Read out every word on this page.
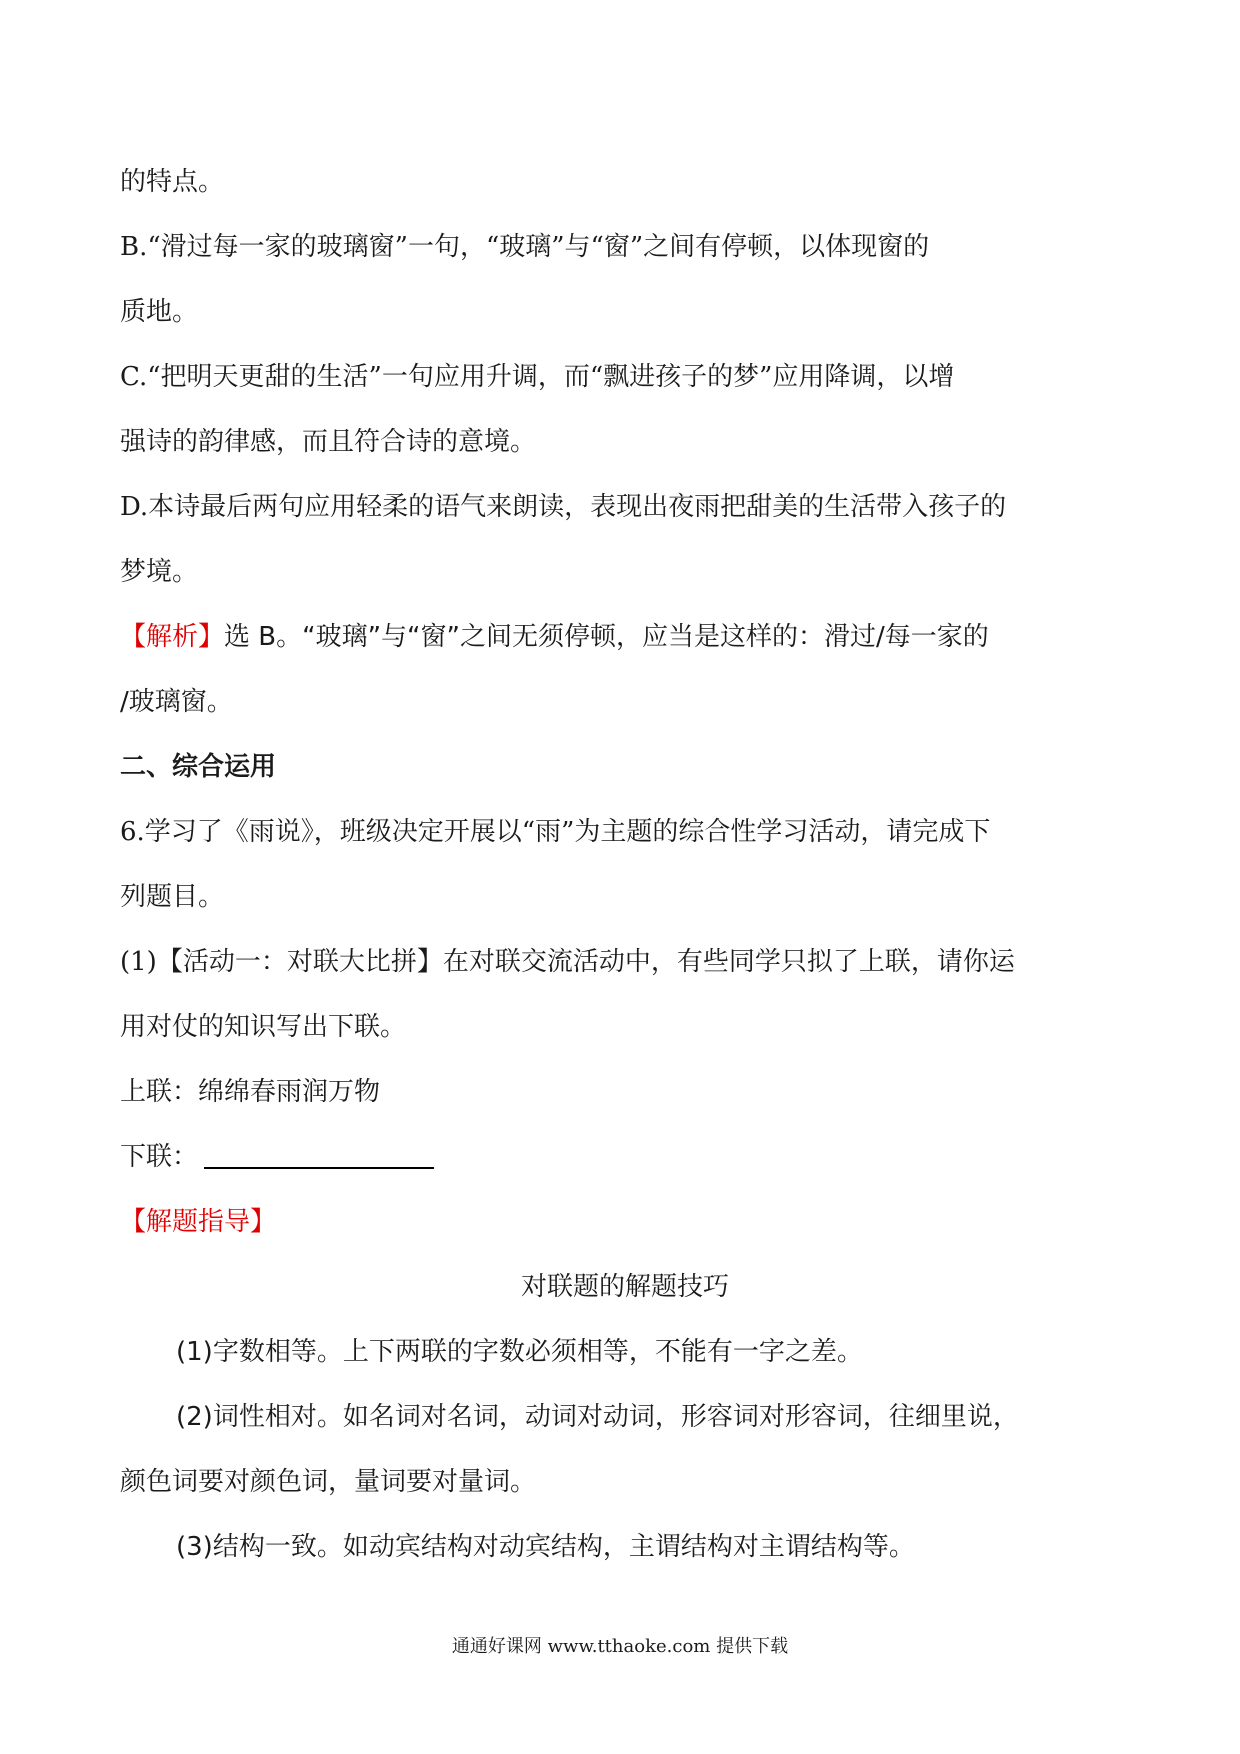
的特点。
B.“滑过每一家的玻璃窗”一句，“玻璃”与“窗”之间有停顿，以体现窗的
质地。
C.“把明天更甜的生活”一句应用升调，而“飘进孩子的梦”应用降调，以增
强诗的韵律感，而且符合诗的意境。
D.本诗最后两句应用轻柔的语气来朗读，表现出夜雨把甜美的生活带入孩子的
梦境。
【解析】选 B。“玻璃”与“窗”之间无须停顿，应当是这样的：滑过/每一家的
/玻璃窗。
二、综合运用
6.学习了《雨说》，班级决定开展以“雨”为主题的综合性学习活动，请完成下
列题目。
(1)【活动一：对联大比拼】在对联交流活动中，有些同学只拟了上联，请你运
用对仗的知识写出下联。
上联：绵绵春雨润万物
下联：
【解题指导】
对联题的解题技巧
(1)字数相等。上下两联的字数必须相等，不能有一字之差。
(2)词性相对。如名词对名词，动词对动词，形容词对形容词，往细里说，
颜色词要对颜色词，量词要对量词。
(3)结构一致。如动宾结构对动宾结构，主谓结构对主谓结构等。
通通好课网 www.tthaoke.com 提供下载
